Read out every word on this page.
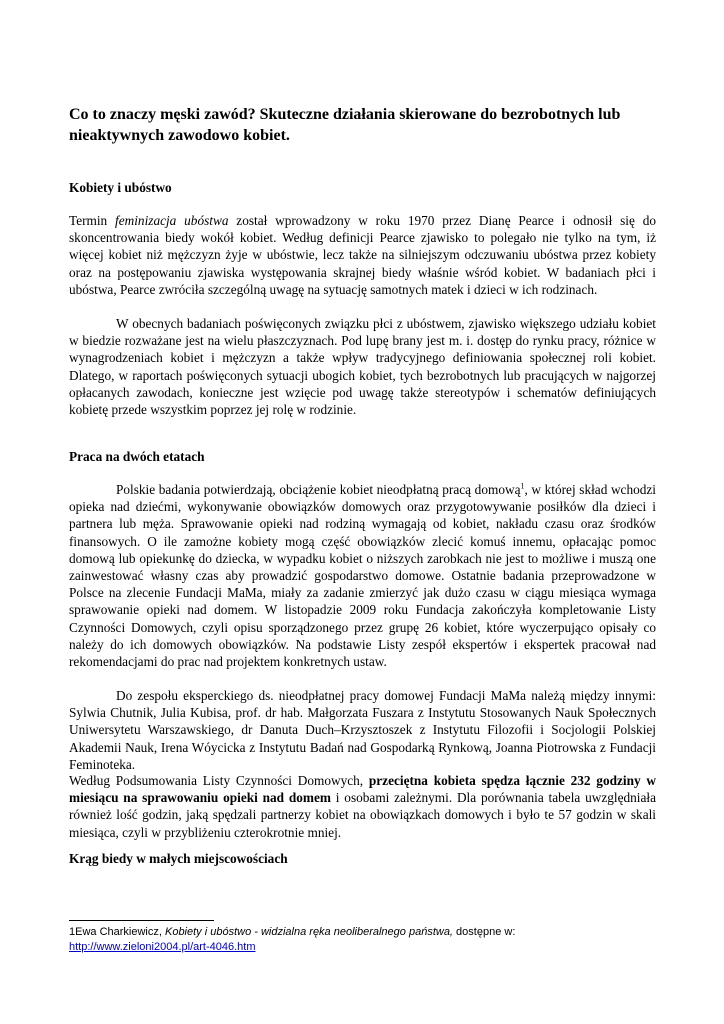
Co to znaczy męski zawód? Skuteczne działania skierowane do bezrobotnych lub nieaktywnych zawodowo kobiet.
Kobiety i ubóstwo

Termin feminizacja ubóstwa został wprowadzony w roku 1970 przez Dianę Pearce i odnosił się do skoncentrowania biedy wokół kobiet. Według definicji Pearce zjawisko to polegało nie tylko na tym, iż więcej kobiet niż mężczyzn żyje w ubóstwie, lecz także na silniejszym odczuwaniu ubóstwa przez kobiety oraz na postępowaniu zjawiska występowania skrajnej biedy właśnie wśród kobiet. W badaniach płci i ubóstwa, Pearce zwróciła szczególną uwagę na sytuację samotnych matek i dzieci w ich rodzinach.

W obecnych badaniach poświęconych związku płci z ubóstwem, zjawisko większego udziału kobiet w biedzie rozważane jest na wielu płaszczyznach. Pod lupę brany jest m. i. dostęp do rynku pracy, różnice w wynagrodzeniach kobiet i mężczyzn a także wpływ tradycyjnego definiowania społecznej roli kobiet. Dlatego, w raportach poświęconych sytuacji ubogich kobiet, tych bezrobotnych lub pracujących w najgorzej opłacanych zawodach, konieczne jest wzięcie pod uwagę także stereotypów i schematów definiujących kobietę przede wszystkim poprzez jej rolę w rodzinie.

Praca na dwóch etatach

Polskie badania potwierdzają, obciążenie kobiet nieodpłatną pracą domową$^1$, w której skład wchodzi opieka nad dziećmi, wykonywanie obowiązków domowych oraz przygotowywanie posiłków dla dzieci i partnera lub męża. Sprawowanie opieki nad rodziną wymagają od kobiet, nakładu czasu oraz środków finansowych. O ile zamożne kobiety mogą część obowiązków zlecić komuś innemu, opłacając pomoc domową lub opiekunkę do dziecka, w wypadku kobiet o niższych zarobkach nie jest to możliwe i muszą one zainwestować własny czas aby prowadzić gospodarstwo domowe. Ostatnie badania przeprowadzone w Polsce na zlecenie Fundacji MaMa, miały za zadanie zmierzyć jak dużo czasu w ciągu miesiąca wymaga sprawowanie opieki nad domem. W listopadzie 2009 roku Fundacja zakończyła kompletowanie Listy Czynności Domowych, czyli opisu sporządzonego przez grupę 26 kobiet, które wyczerpująco opisały co należy do ich domowych obowiązków. Na podstawie Listy zespół ekspertów i ekspertek pracował nad rekomendacjami do prac nad projektem konkretnych ustaw.

Do zespołu eksperckiego ds. nieodpłatnej pracy domowej Fundacji MaMa należą między innymi: Sylwia Chutnik, Julia Kubisa, prof. dr hab. Małgorzata Fuszara z Instytutu Stosowanych Nauk Społecznych Uniwersytetu Warszawskiego, dr Danuta Duch–Krzysztoszek z Instytutu Filozofii i Socjologii Polskiej Akademii Nauk, Irena Wóycicka z Instytutu Badań nad Gospodarką Rynkową, Joanna Piotrowska z Fundacji Feminoteka.

Według Podsumowania Listy Czynności Domowych, przeciętna kobieta spędza łącznie 232 godziny w miesiącu na sprawowaniu opieki nad domem i osobami zależnymi. Dla porównania tabela uwzględniała również lość godzin, jaką spędzali partnerzy kobiet na obowiązkach domowych i było te 57 godzin w skali miesiąca, czyli w przybliżeniu czterokrotnie mniej.

Krąg biedy w małych miejscowościach
1Ewa Charkiewicz, Kobiety i ubóstwo - widzialna ręka neoliberalnego państwa, dostępne w:
http://www.zieloni2004.pl/art-4046.htm
